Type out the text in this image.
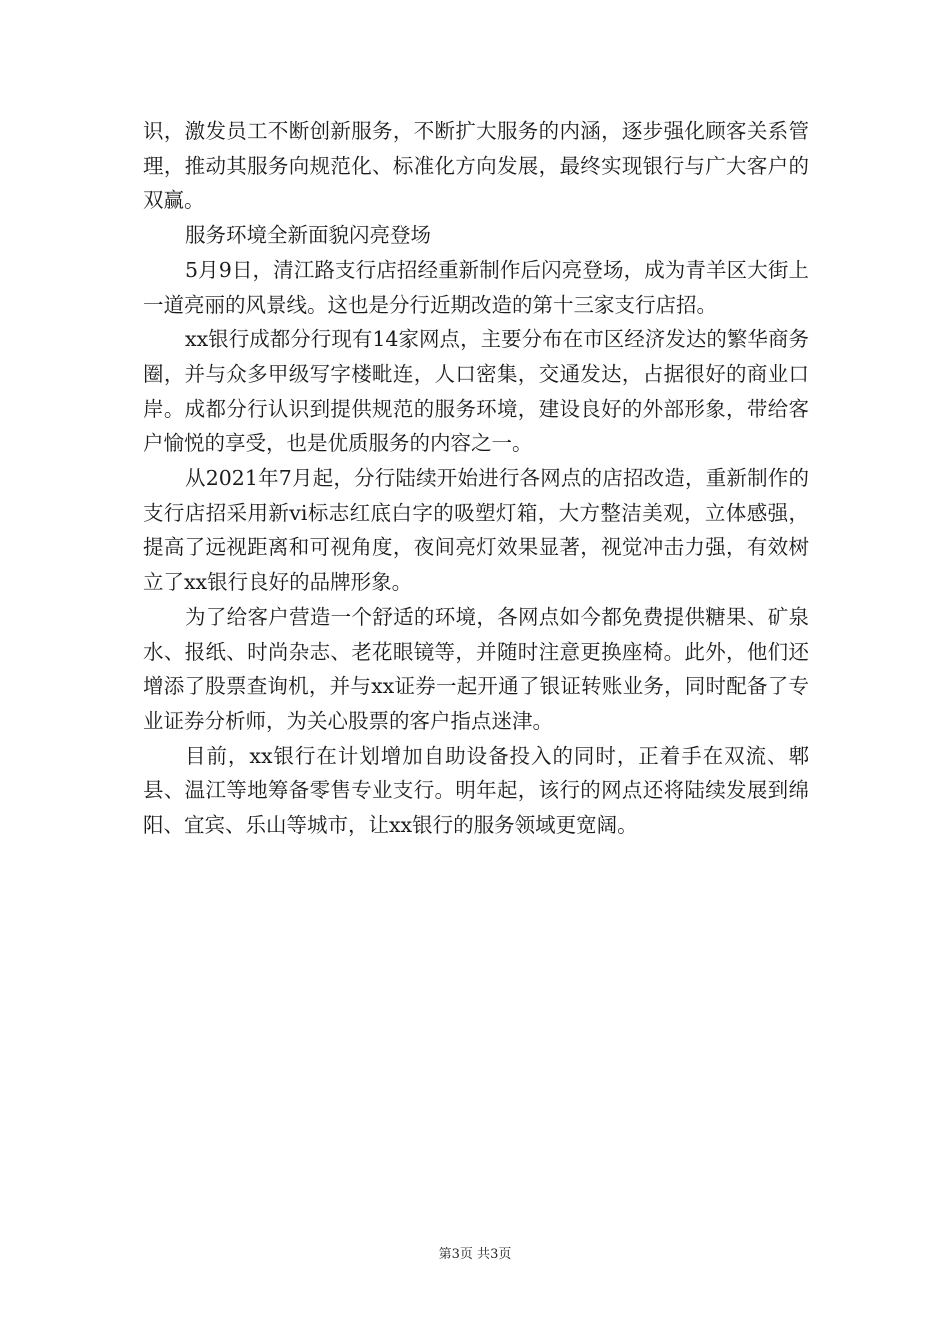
识，激发员工不断创新服务，不断扩大服务的内涵，逐步强化顾客关系管理，推动其服务向规范化、标准化方向发展，最终实现银行与广大客户的双赢。

服务环境全新面貌闪亮登场

5月9日，清江路支行店招经重新制作后闪亮登场，成为青羊区大街上一道亮丽的风景线。这也是分行近期改造的第十三家支行店招。

xx银行成都分行现有14家网点，主要分布在市区经济发达的繁华商务圈，并与众多甲级写字楼毗连，人口密集，交通发达，占据很好的商业口岸。成都分行认识到提供规范的服务环境，建设良好的外部形象，带给客户愉悦的享受，也是优质服务的内容之一。

从2021年7月起，分行陆续开始进行各网点的店招改造，重新制作的支行店招采用新vi标志红底白字的吸塑灯箱，大方整洁美观，立体感强，提高了远视距离和可视角度，夜间亮灯效果显著，视觉冲击力强，有效树立了xx银行良好的品牌形象。

为了给客户营造一个舒适的环境，各网点如今都免费提供糖果、矿泉水、报纸、时尚杂志、老花眼镜等，并随时注意更换座椅。此外，他们还增添了股票查询机，并与xx证券一起开通了银证转账业务，同时配备了专业证券分析师，为关心股票的客户指点迷津。

目前，xx银行在计划增加自助设备投入的同时，正着手在双流、郫县、温江等地筹备零售专业支行。明年起，该行的网点还将陆续发展到绵阳、宜宾、乐山等城市，让xx银行的服务领域更宽阔。

第3页 共3页
